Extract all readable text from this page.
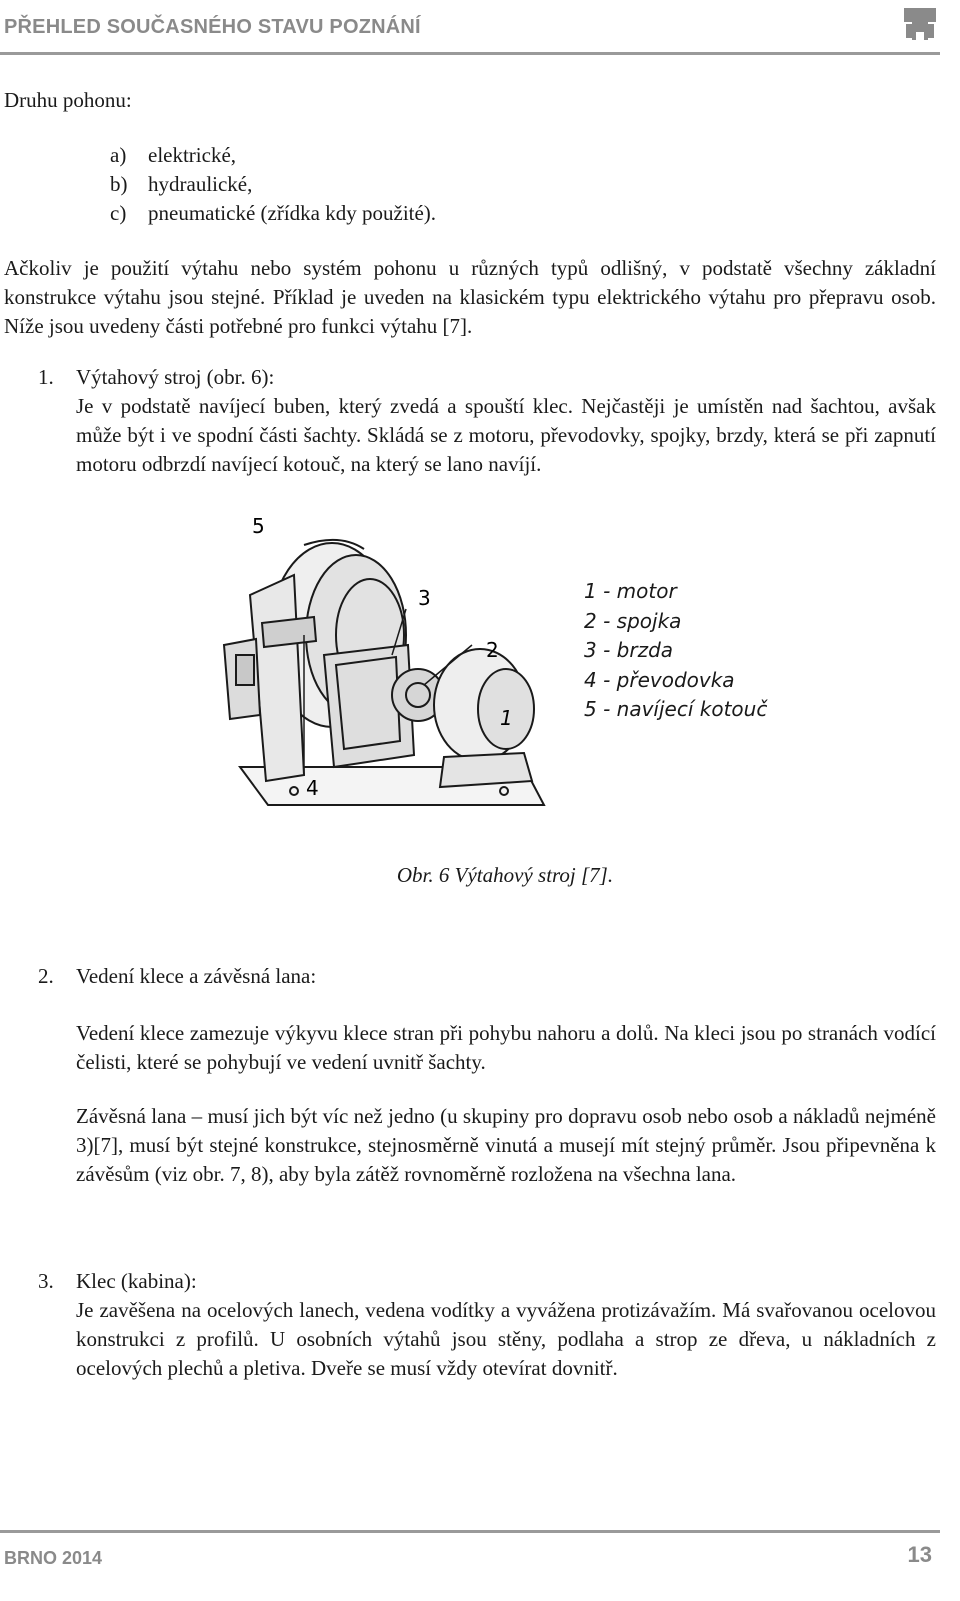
PŘEHLED SOUČASNÉHO STAVU POZNÁNÍ

Druhu pohonu:

a)	elektrické,
b) hydraulické,
c)	pneumatické (zřídka kdy použité).

Ačkoliv je použití výtahu nebo systém pohonu u různých typů odlišný, v podstatě všechny základní konstrukce výtahu jsou stejné. Příklad je uveden na klasickém typu elektrického výtahu pro přepravu osob. Níže jsou uvedeny části potřebné pro funkci výtahu [7].

1.	Výtahový stroj (obr. 6):

Je v podstatě navíjecí buben, který zvedá a spouští klec. Nejčastěji je umístěn nad šachtou, avšak může být i ve spodní části šachty. Skládá se z motoru, převodovky, spojky, brzdy, která se při zapnutí motoru odbrzdí navíjecí kotouč, na který se lano navíjí.

5
3
2
4
1
1 - motor
2 - spojka
3 - brzda
4 - převodovka
5 - navíjecí kotouč

Obr. 6 Výtahový stroj [7].

2.	Vedení klece a závěsná lana:

Vedení klece zamezuje výkyvu klece stran při pohybu nahoru a dolů. Na kleci jsou po stranách vodící čelisti, které se pohybují ve vedení uvnitř šachty.

Závěsná lana – musí jich být víc než jedno (u skupiny pro dopravu osob nebo osob a nákladů nejméně 3)[7], musí být stejné konstrukce, stejnosměrně vinutá a musejí mít stejný průměr. Jsou připevněna k závěsům (viz obr. 7, 8), aby byla zátěž rovnoměrně rozložena na všechna lana.

3.	Klec (kabina):

Je zavěšena na ocelových lanech, vedena vodítky a vyvážena protizávažím. Má svařovanou ocelovou konstrukci z profilů. U osobních výtahů jsou stěny, podlaha a strop ze dřeva, u nákladních z ocelových plechů a pletiva. Dveře se musí vždy otevírat dovnitř.

BRNO 2014	13
